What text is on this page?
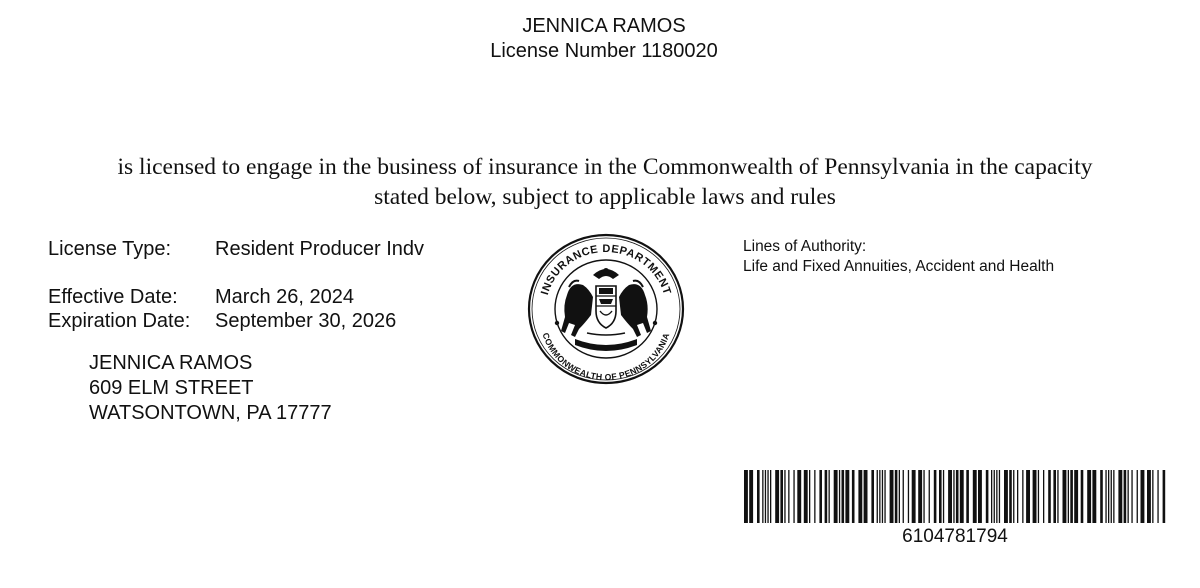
JENNICA RAMOS
License Number 1180020
is licensed to engage in the business of insurance in the Commonwealth of Pennsylvania in the capacity
stated below, subject to applicable laws and rules
License Type: Resident Producer Indv
Effective Date: March 26, 2024
Expiration Date: September 30, 2026
JENNICA RAMOS
609 ELM STREET
WATSONTOWN, PA 17777
INSURANCE DEPARTMENT
COMMONWEALTH OF PENNSYLVANIA
Lines of Authority:
Life and Fixed Annuities, Accident and Health
6104781794
